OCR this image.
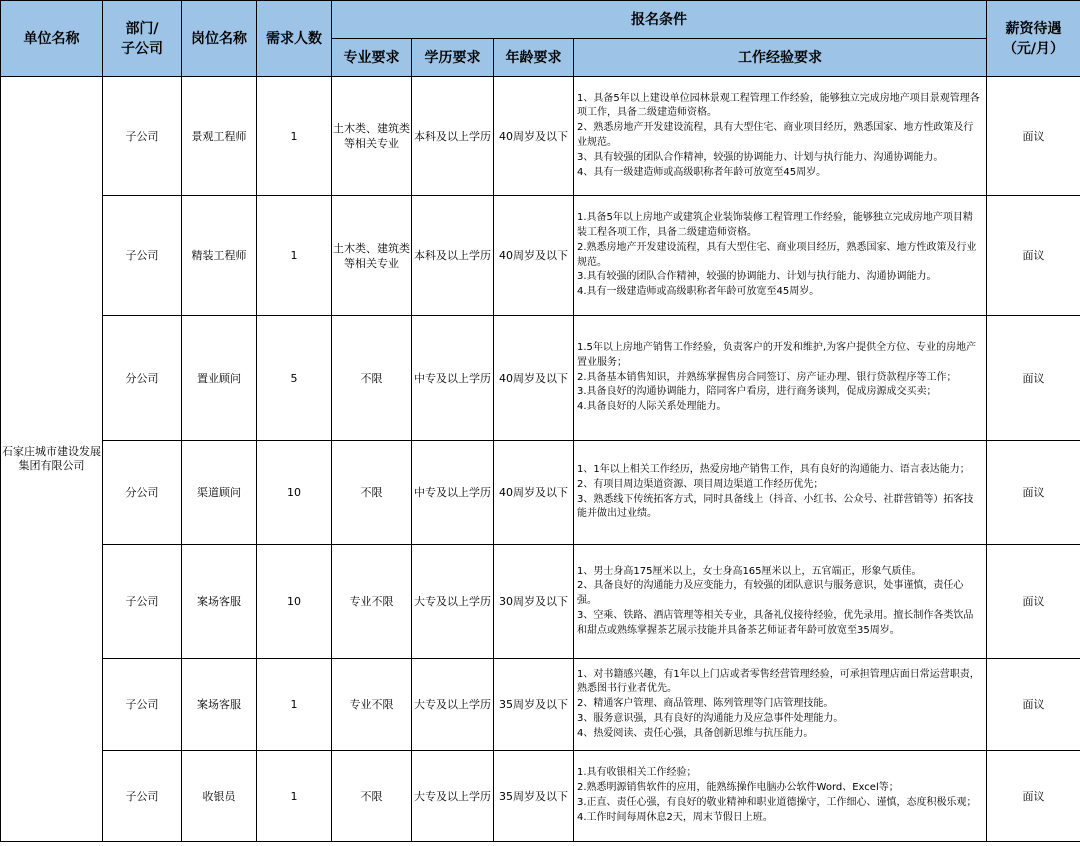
单位名称	部门/
子公司	岗位名称	需求人数	报名条件				薪资待遇
（元/月）

				专业要求	学历要求	年龄要求	工作经验要求	
石家庄城市建设发展集团有限公司	子公司	景观工程师	1	土木类、建筑类等相关专业	本科及以上学历	40周岁及以下	1、具备5年以上建设单位园林景观工程管理工作经验，能够独立完成房地产项目景观管理各项工作，具备二级建造师资格。
2、熟悉房地产开发建设流程，具有大型住宅、商业项目经历，熟悉国家、地方性政策及行业规范。
3、具有较强的团队合作精神，较强的协调能力、计划与执行能力、沟通协调能力。
4、具有一级建造师或高级职称者年龄可放宽至45周岁。	面议
	子公司	精装工程师	1	土木类、建筑类等相关专业	本科及以上学历	40周岁及以下	1.具备5年以上房地产或建筑企业装饰装修工程管理工作经验，能够独立完成房地产项目精装工程各项工作，具备二级建造师资格。
2.熟悉房地产开发建设流程，具有大型住宅、商业项目经历，熟悉国家、地方性政策及行业规范。
3.具有较强的团队合作精神，较强的协调能力、计划与执行能力、沟通协调能力。
4.具有一级建造师或高级职称者年龄可放宽至45周岁。	面议
	分公司	置业顾问	5	不限	中专及以上学历	40周岁及以下	1.5年以上房地产销售工作经验，负责客户的开发和维护,为客户提供全方位、专业的房地产置业服务；
2.具备基本销售知识，并熟练掌握售房合同签订、房产证办理、银行贷款程序等工作；
3.具备良好的沟通协调能力，陪同客户看房，进行商务谈判，促成房源成交买卖；
4.具备良好的人际关系处理能力。	面议
	分公司	渠道顾问	10	不限	中专及以上学历	40周岁及以下	1、1年以上相关工作经历，热爱房地产销售工作，具有良好的沟通能力、语言表达能力；
2、有项目周边渠道资源、项目周边渠道工作经历优先；
3、熟悉线下传统拓客方式，同时具备线上（抖音、小红书、公众号、社群营销等）拓客技能并做出过业绩。	面议
	子公司	案场客服	10	专业不限	大专及以上学历	30周岁及以下	1、男士身高175厘米以上，女士身高165厘米以上，五官端正，形象气质佳。
2、具备良好的沟通能力及应变能力，有较强的团队意识与服务意识，处事谨慎，责任心强。
3、空乘、铁路、酒店管理等相关专业，具备礼仪接待经验，优先录用。擅长制作各类饮品和甜点或熟练掌握茶艺展示技能并具备茶艺师证者年龄可放宽至35周岁。	面议
	子公司	案场客服	1	专业不限	大专及以上学历	35周岁及以下	1、对书籍感兴趣，有1年以上门店或者零售经营管理经验，可承担管理店面日常运营职责，熟悉图书行业者优先。
2、精通客户管理、商品管理、陈列管理等门店管理技能。
3、服务意识强，具有良好的沟通能力及应急事件处理能力。
4、热爱阅读、责任心强，具备创新思维与抗压能力。	面议
	子公司	收银员	1	不限	大专及以上学历	35周岁及以下	1.具有收银相关工作经验；
2.熟悉明源销售软件的应用，能熟练操作电脑办公软件Word、Excel等；
3.正直、责任心强，有良好的敬业精神和职业道德操守，工作细心、谨慎，态度积极乐观；
4.工作时间每周休息2天，周末节假日上班。	面议
